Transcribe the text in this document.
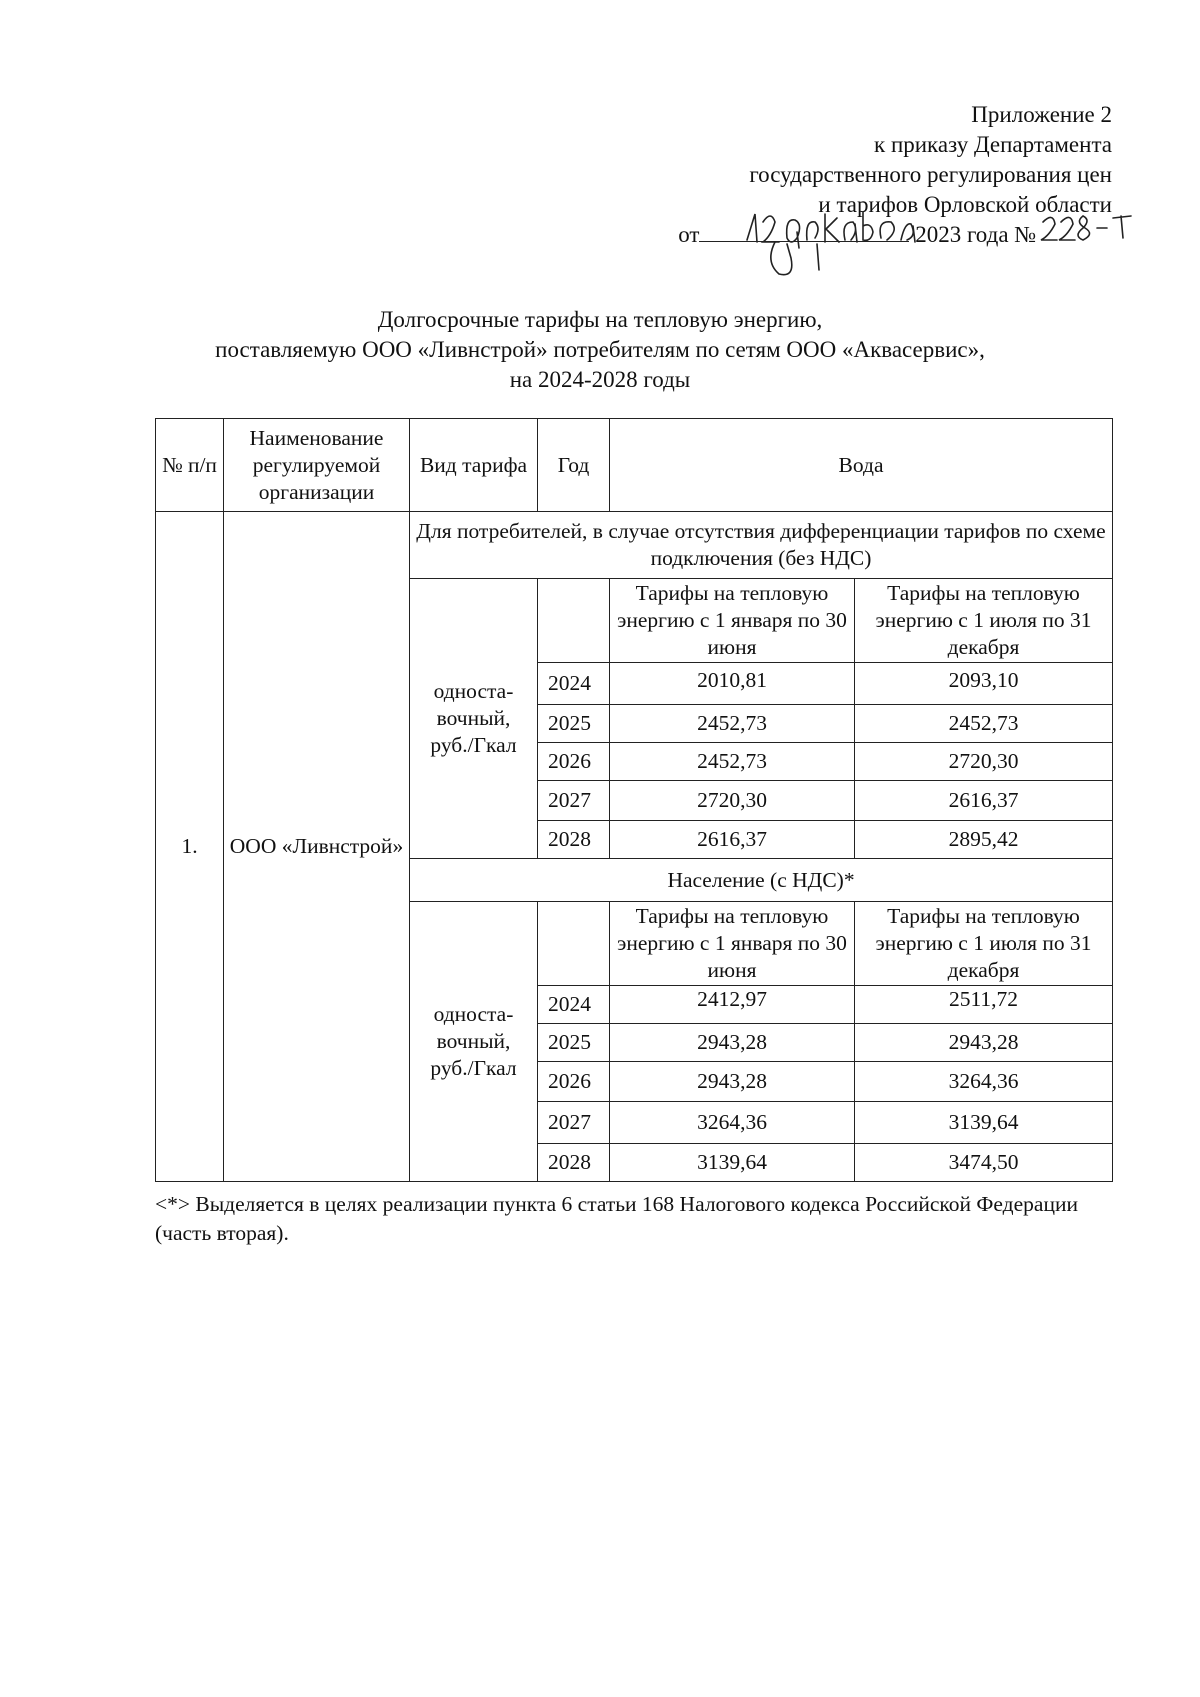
Приложение 2
к приказу Департамента
государственного регулирования цен
и тарифов Орловской области
от	2023 года №
Долгосрочные тарифы на тепловую энергию,
поставляемую ООО «Ливнстрой» потребителям по сетям ООО «Аквасервис»,
на 2024-2028 годы
№ п/п	Наименование регулируемой организации	Вид тарифа	Год	Вода	
1.	ООО «Ливнстрой»	Для потребителей, в случае отсутствия дифференциации тарифов по схеме подключения (без НДС)			
		односта-вочный, руб./Гкал		Тарифы на тепловую энергию с 1 января по 30 июня	Тарифы на тепловую энергию с 1 июля по 31 декабря
			2024	2010,81	2093,10
			2025	2452,73	2452,73
			2026	2452,73	2720,30
			2027	2720,30	2616,37
			2028	2616,37	2895,42
		Население (с НДС)*			
		односта-вочный, руб./Гкал		Тарифы на тепловую энергию с 1 января по 30 июня	Тарифы на тепловую энергию с 1 июля по 31 декабря
			2024	2412,97	2511,72
			2025	2943,28	2943,28
			2026	2943,28	3264,36
			2027	3264,36	3139,64
			2028	3139,64	3474,50
<*> Выделяется в целях реализации пункта 6 статьи 168 Налогового кодекса Российской Федерации (часть вторая).
